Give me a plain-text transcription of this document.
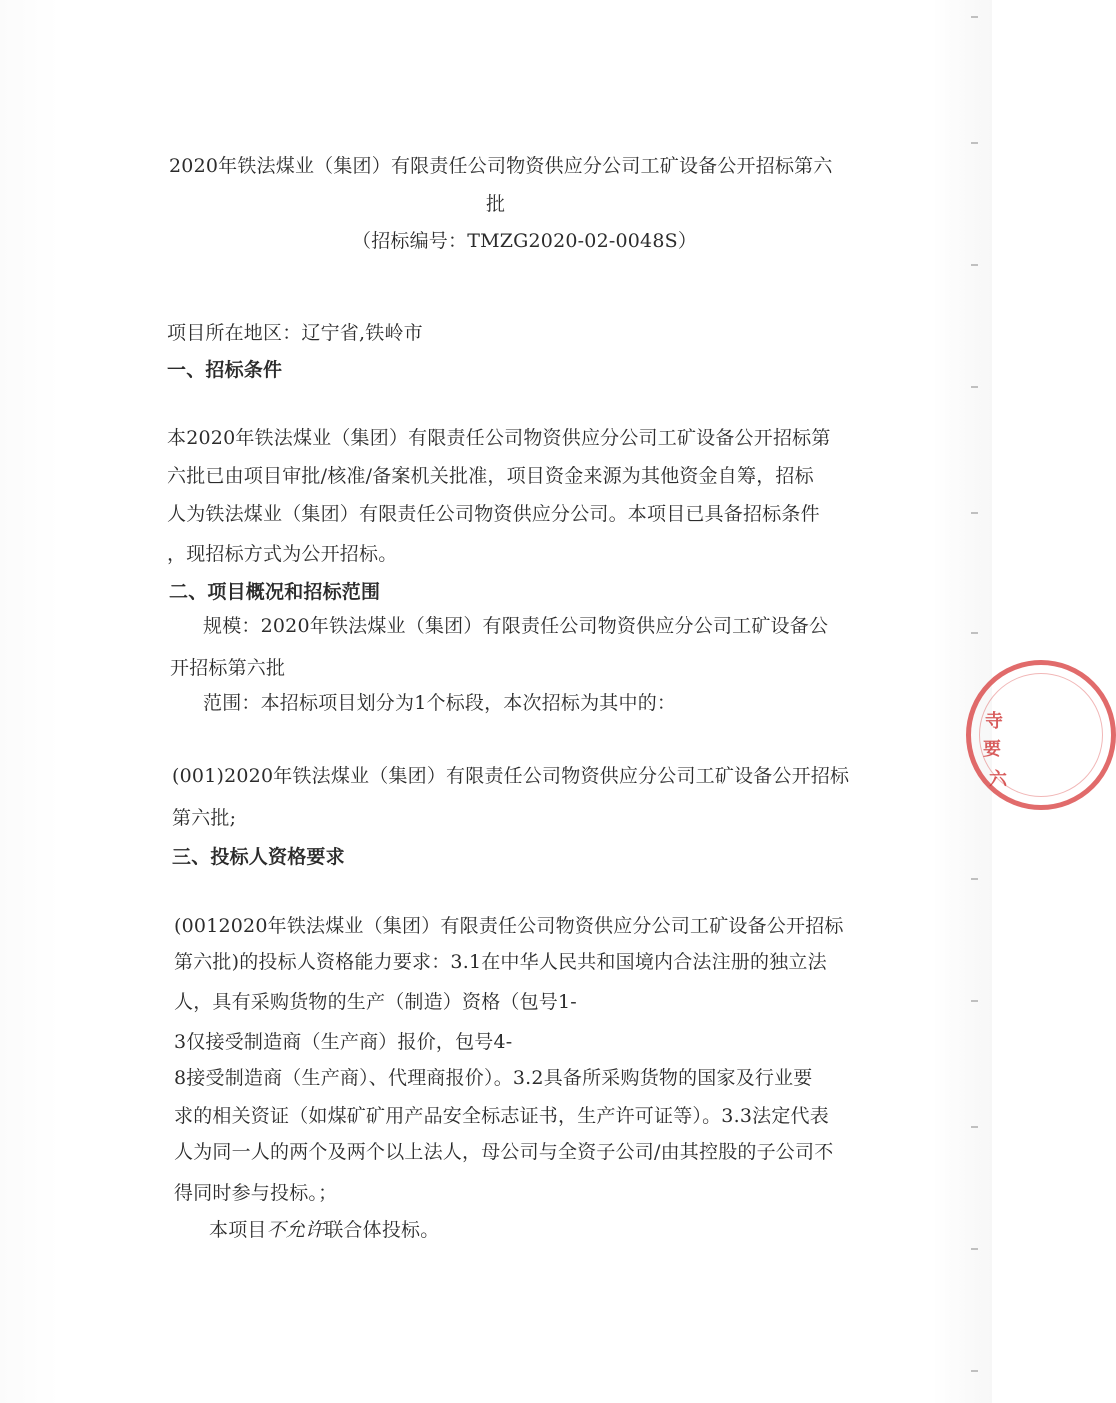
2020年铁法煤业（集团）有限责任公司物资供应分公司工矿设备公开招标第六
批
（招标编号：TMZG2020-02-0048S）
项目所在地区：辽宁省,铁岭市
一、招标条件
本2020年铁法煤业（集团）有限责任公司物资供应分公司工矿设备公开招标第
六批已由项目审批/核准/备案机关批准，项目资金来源为其他资金自筹，招标
人为铁法煤业（集团）有限责任公司物资供应分公司。本项目已具备招标条件
，现招标方式为公开招标。
二、项目概况和招标范围
规模：2020年铁法煤业（集团）有限责任公司物资供应分公司工矿设备公
开招标第六批
范围：本招标项目划分为1个标段，本次招标为其中的：
(001)2020年铁法煤业（集团）有限责任公司物资供应分公司工矿设备公开招标
第六批;
三、投标人资格要求
(0012020年铁法煤业（集团）有限责任公司物资供应分公司工矿设备公开招标
第六批)的投标人资格能力要求：3.1在中华人民共和国境内合法注册的独立法
人，具有采购货物的生产（制造）资格（包号1-
3仅接受制造商（生产商）报价，包号4-
8接受制造商（生产商）、代理商报价）。3.2具备所采购货物的国家及行业要
求的相关资证（如煤矿矿用产品安全标志证书，生产许可证等）。3.3法定代表
人为同一人的两个及两个以上法人，母公司与全资子公司/由其控股的子公司不
得同时参与投标。；
本项目不允许联合体投标。
寺
要
六
